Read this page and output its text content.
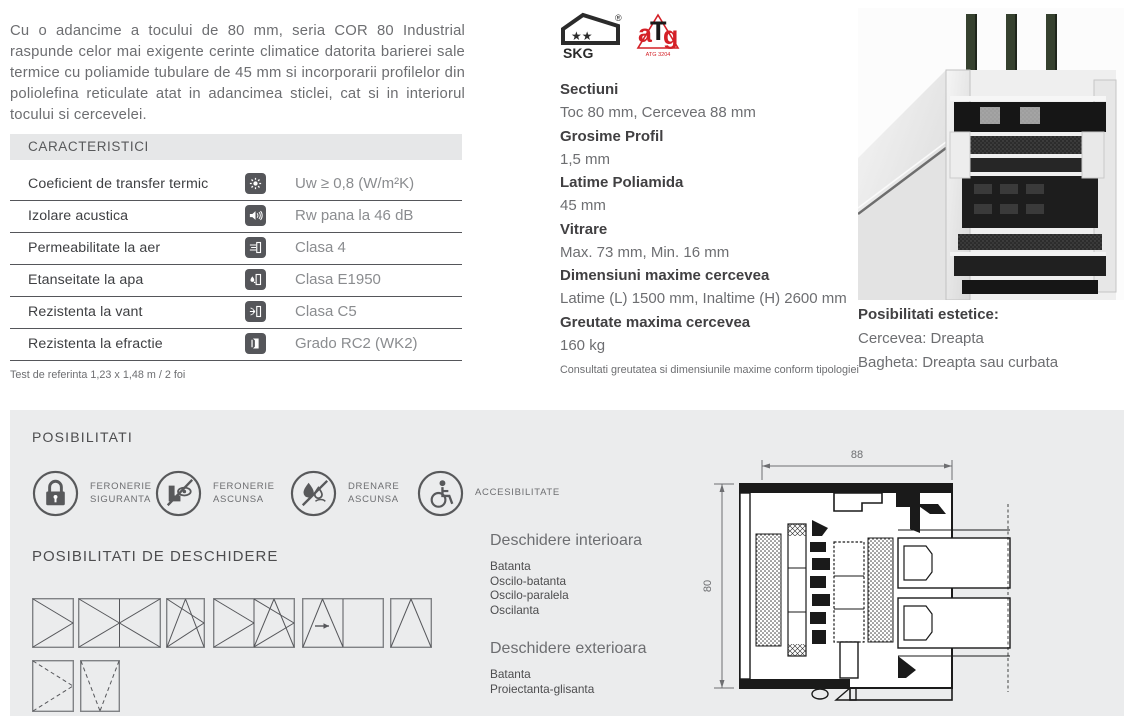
Cu o adancime a tocului de 80 mm, seria COR 80 Industrial raspunde celor mai exigente cerinte climatice datorita barierei sale termice cu poliamide tubulare de 45 mm si incorporarii profilelor din poliolefina reticulate atat in adancimea sticlei, cat si in interiorul tocului si cercevelei.

CARACTERISTICI
Coeficient de transfer termic	Uw ≥ 0,8 (W/m²K)
Izolare acustica	Rw pana la 46 dB
Permeabilitate la aer	Clasa 4
Etanseitate la apa	Clasa E1950
Rezistenta la vant	Clasa C5
Rezistenta la efractie	Grado RC2 (WK2)
Test de referinta 1,23 x 1,48 m / 2 foi
★★
®
SKG
a
T
g
ATG 3204
Sectiuni
Toc 80 mm, Cercevea 88 mm
Grosime Profil
1,5 mm
Latime Poliamida
45 mm
Vitrare
Max. 73 mm, Min. 16 mm
Dimensiuni maxime cercevea
Latime (L) 1500 mm, Inaltime (H) 2600 mm
Greutate maxima cercevea
160 kg
Consultati greutatea si dimensiunile maxime conform tipologiei
Posibilitati estetice:
Cercevea: Dreapta
Bagheta: Dreapta sau curbata
POSIBILITATI
FERONERIE
SIGURANTA
FERONERIE
ASCUNSA
DRENARE
ASCUNSA
ACCESIBILITATE
POSIBILITATI DE DESCHIDERE
Deschidere interioara
Batanta
Oscilo-batanta
Oscilo-paralela
Oscilanta
Deschidere exterioara
Batanta
Proiectanta-glisanta
88
80
